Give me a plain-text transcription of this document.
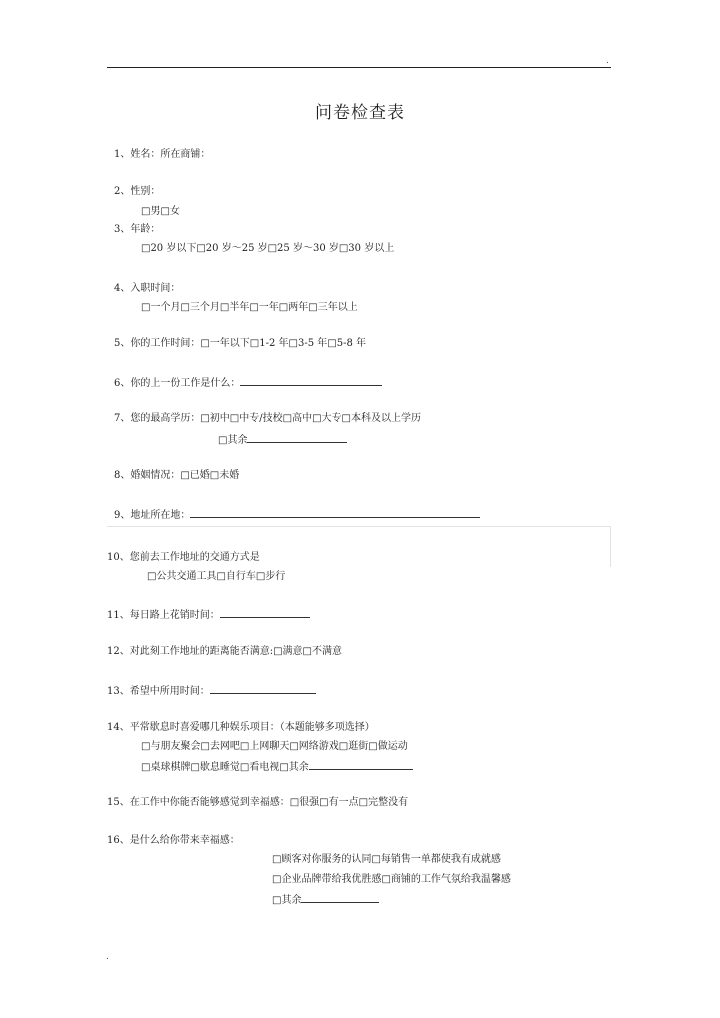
.
问卷检查表
1、姓名：所在商铺：
2、性别：
□男□女
3、年龄：
□20 岁以下□20 岁～25 岁□25 岁～30 岁□30 岁以上
4、入职时间：
□一个月□三个月□半年□一年□两年□三年以上
5、你的工作时间：□一年以下□1-2 年□3-5 年□5-8 年
6、你的上一份工作是什么：
7、您的最高学历：□初中□中专/技校□高中□大专□本科及以上学历
□其余
8、婚姻情况：□已婚□未婚
9、地址所在地：
10、您前去工作地址的交通方式是
□公共交通工具□自行车□步行
11、每日路上花销时间：
12、对此刻工作地址的距离能否满意:□满意□不满意
13、希望中所用时间：
14、平常歇息时喜爱哪几种娱乐项目：（本题能够多项选择）
□与朋友聚会□去网吧□上网聊天□网络游戏□逛街□做运动
□桌球棋牌□歇息睡觉□看电视□其余
15、在工作中你能否能够感觉到幸福感：□很强□有一点□完整没有
16、是什么给你带来幸福感：
□顾客对你服务的认同□每销售一单都使我有成就感
□企业品牌带给我优胜感□商铺的工作气氛给我温馨感
□其余
.
